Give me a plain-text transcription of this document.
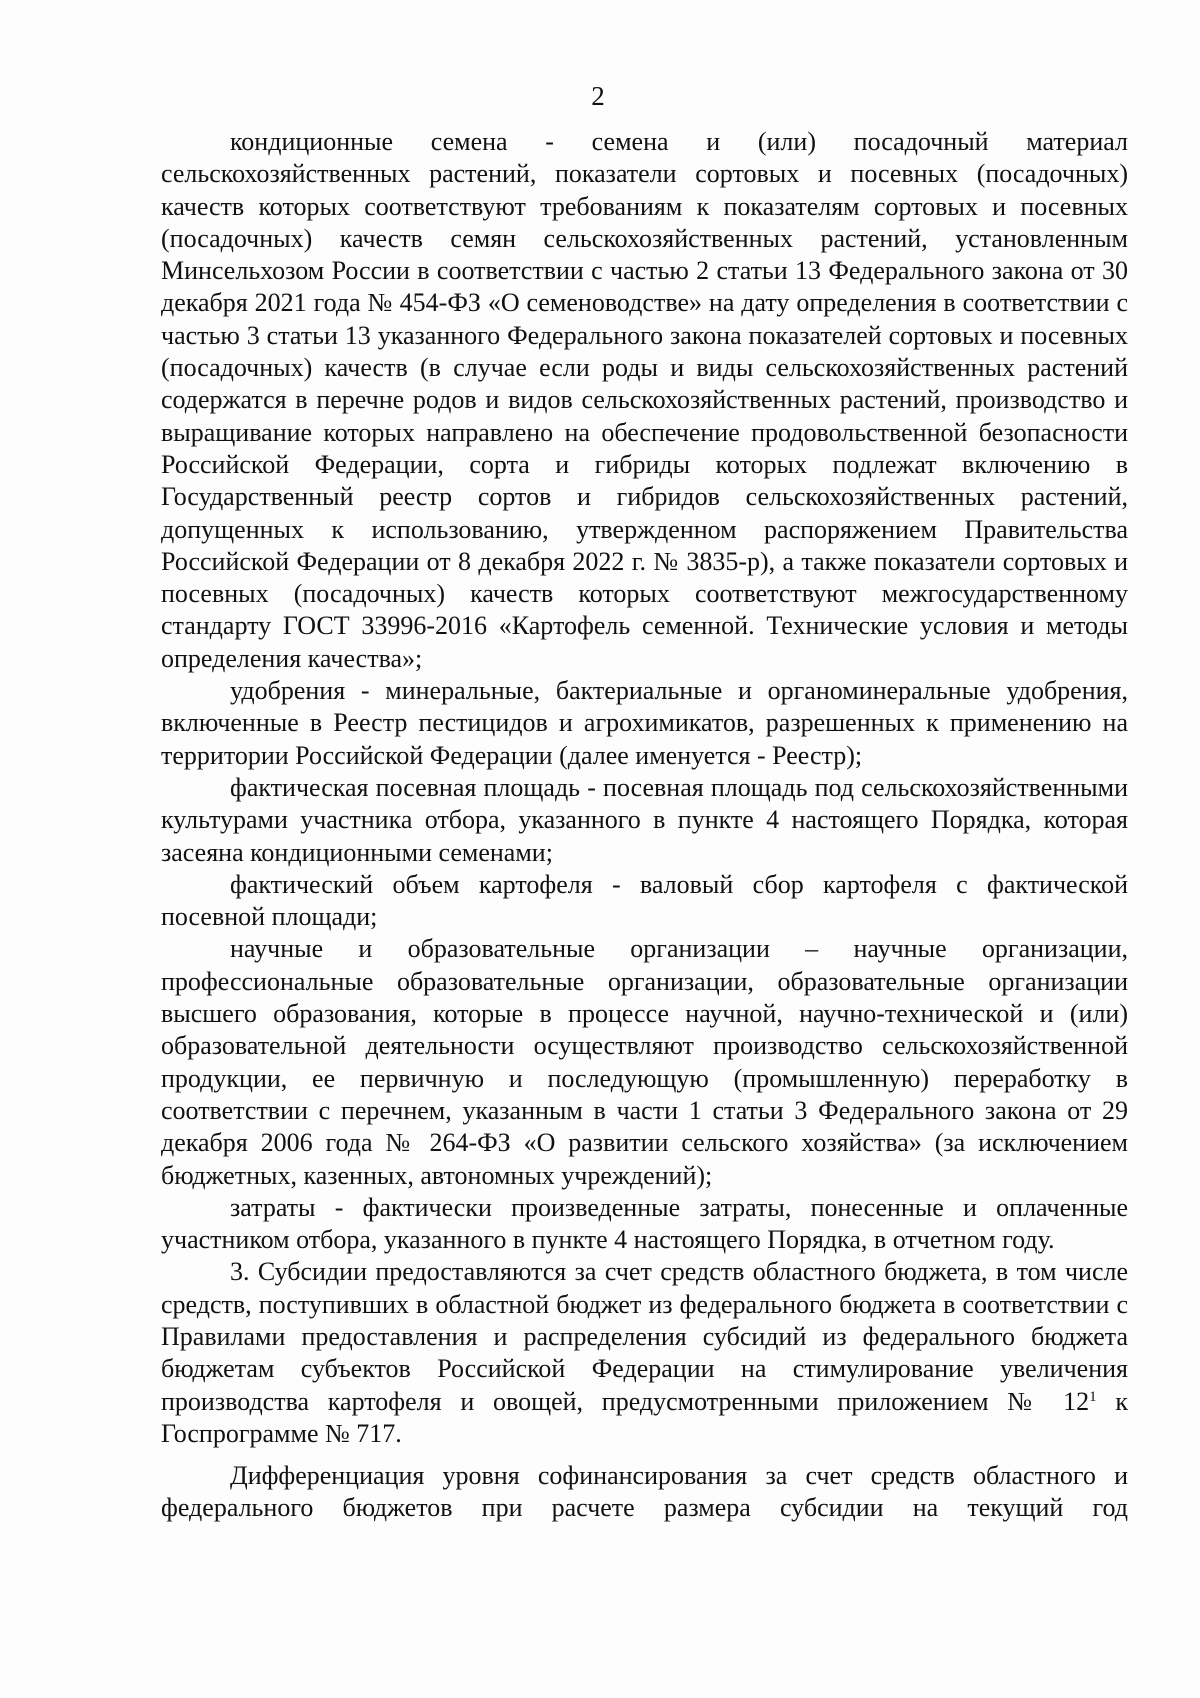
2

кондиционные семена - семена и (или) посадочный материал сельскохозяйственных растений, показатели сортовых и посевных (посадочных) качеств которых соответствуют требованиям к показателям сортовых и посевных (посадочных) качеств семян сельскохозяйственных растений, установленным Минсельхозом России в соответствии с частью 2 статьи 13 Федерального закона от 30 декабря 2021 года № 454-ФЗ «О семеноводстве» на дату определения в соответствии с частью 3 статьи 13 указанного Федерального закона показателей сортовых и посевных (посадочных) качеств (в случае если роды и виды сельскохозяйственных растений содержатся в перечне родов и видов сельскохозяйственных растений, производство и выращивание которых направлено на обеспечение продовольственной безопасности Российской Федерации, сорта и гибриды которых подлежат включению в Государственный реестр сортов и гибридов сельскохозяйственных растений, допущенных к использованию, утвержденном распоряжением Правительства Российской Федерации от 8 декабря 2022 г. № 3835-р), а также показатели сортовых и посевных (посадочных) качеств которых соответствуют межгосударственному стандарту ГОСТ 33996-2016 «Картофель семенной. Технические условия и методы определения качества»;

удобрения - минеральные, бактериальные и органоминеральные удобрения, включенные в Реестр пестицидов и агрохимикатов, разрешенных к применению на территории Российской Федерации (далее именуется - Реестр);

фактическая посевная площадь - посевная площадь под сельскохозяйственными культурами участника отбора, указанного в пункте 4 настоящего Порядка, которая засеяна кондиционными семенами;

фактический объем картофеля - валовый сбор картофеля с фактической посевной площади;

научные и образовательные организации – научные организации, профессиональные образовательные организации, образовательные организации высшего образования, которые в процессе научной, научно-технической и (или) образовательной деятельности осуществляют производство сельскохозяйственной продукции, ее первичную и последующую (промышленную) переработку в соответствии с перечнем, указанным в части 1 статьи 3 Федерального закона от 29 декабря 2006 года № 264-ФЗ «О развитии сельского хозяйства» (за исключением бюджетных, казенных, автономных учреждений);

затраты - фактически произведенные затраты, понесенные и оплаченные участником отбора, указанного в пункте 4 настоящего Порядка, в отчетном году.

3. Субсидии предоставляются за счет средств областного бюджета, в том числе средств, поступивших в областной бюджет из федерального бюджета в соответствии с Правилами предоставления и распределения субсидий из федерального бюджета бюджетам субъектов Российской Федерации на стимулирование увеличения производства картофеля и овощей, предусмотренными приложением № $12^1$ к Госпрограмме № 717.

Дифференциация уровня софинансирования за счет средств областного и федерального бюджетов при расчете размера субсидии на текущий год
